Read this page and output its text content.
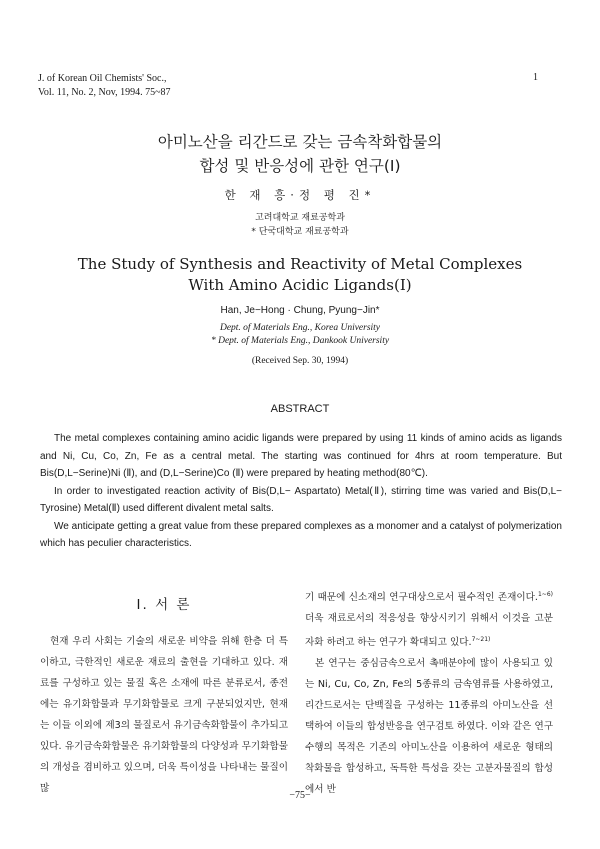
J. of Korean Oil Chemists' Soc.,
Vol. 11, No. 2, Nov, 1994. 75~87
1
아미노산을 리간드로 갖는 금속착화합물의
합성 및 반응성에 관한 연구(Ⅰ)
한 재 흥·정 평 진*
고려대학교 재료공학과
* 단국대학교 재료공학과
The Study of Synthesis and Reactivity of Metal Complexes
With Amino Acidic Ligands(Ⅰ)
Han, Je−Hong · Chung, Pyung−Jin*
Dept. of Materials Eng., Korea University
* Dept. of Materials Eng., Dankook University
(Received Sep. 30, 1994)
ABSTRACT

The metal complexes containing amino acidic ligands were prepared by using 11 kinds of amino acids as ligands and Ni, Cu, Co, Zn, Fe as a central metal. The starting was continued for 4hrs at room temperature. But Bis(D,L−Serine)Ni (Ⅱ), and (D,L−Serine)Co (Ⅱ) were prepared by heating method(80℃).

In order to investigated reaction activity of Bis(D,L− Aspartato) Metal(Ⅱ), stirring time was varied and Bis(D,L− Tyrosine) Metal(Ⅱ) used different divalent metal salts.

We anticipate getting a great value from these prepared complexes as a monomer and a catalyst of polymerization which has peculier characteristics.

Ⅰ. 서 론

현재 우리 사회는 기술의 새로운 비약을 위해 한층 더 특이하고, 극한적인 새로운 재료의 출현을 기대하고 있다. 재료를 구성하고 있는 물질 혹은 소재에 따른 분류로서, 종전에는 유기화합물과 무기화합물로 크게 구분되었지만, 현재는 이들 이외에 제3의 물질로서 유기금속화합물이 추가되고 있다. 유기금속화합물은 유기화합물의 다양성과 무기화합물의 개성을 겸비하고 있으며, 더욱 특이성을 나타내는 물질이 많

기 때문에 신소재의 연구대상으로서 필수적인 존재이다.$^{1\sim 6)}$ 더욱 재료로서의 적응성을 향상시키기 위해서 이것을 고분자화 하려고 하는 연구가 확대되고 있다.$^{7\sim 21)}$

본 연구는 중심금속으로서 촉매분야에 많이 사용되고 있는 Ni, Cu, Co, Zn, Fe의 5종류의 금속염류를 사용하였고, 리간드로서는 단백질을 구성하는 11종류의 아미노산을 선택하여 이들의 합성반응을 연구검토 하였다. 이와 같은 연구수행의 목적은 기존의 아미노산을 이용하여 새로운 형태의 착화물을 합성하고, 독특한 특성을 갖는 고분자물질의 합성에서 반

−75−
